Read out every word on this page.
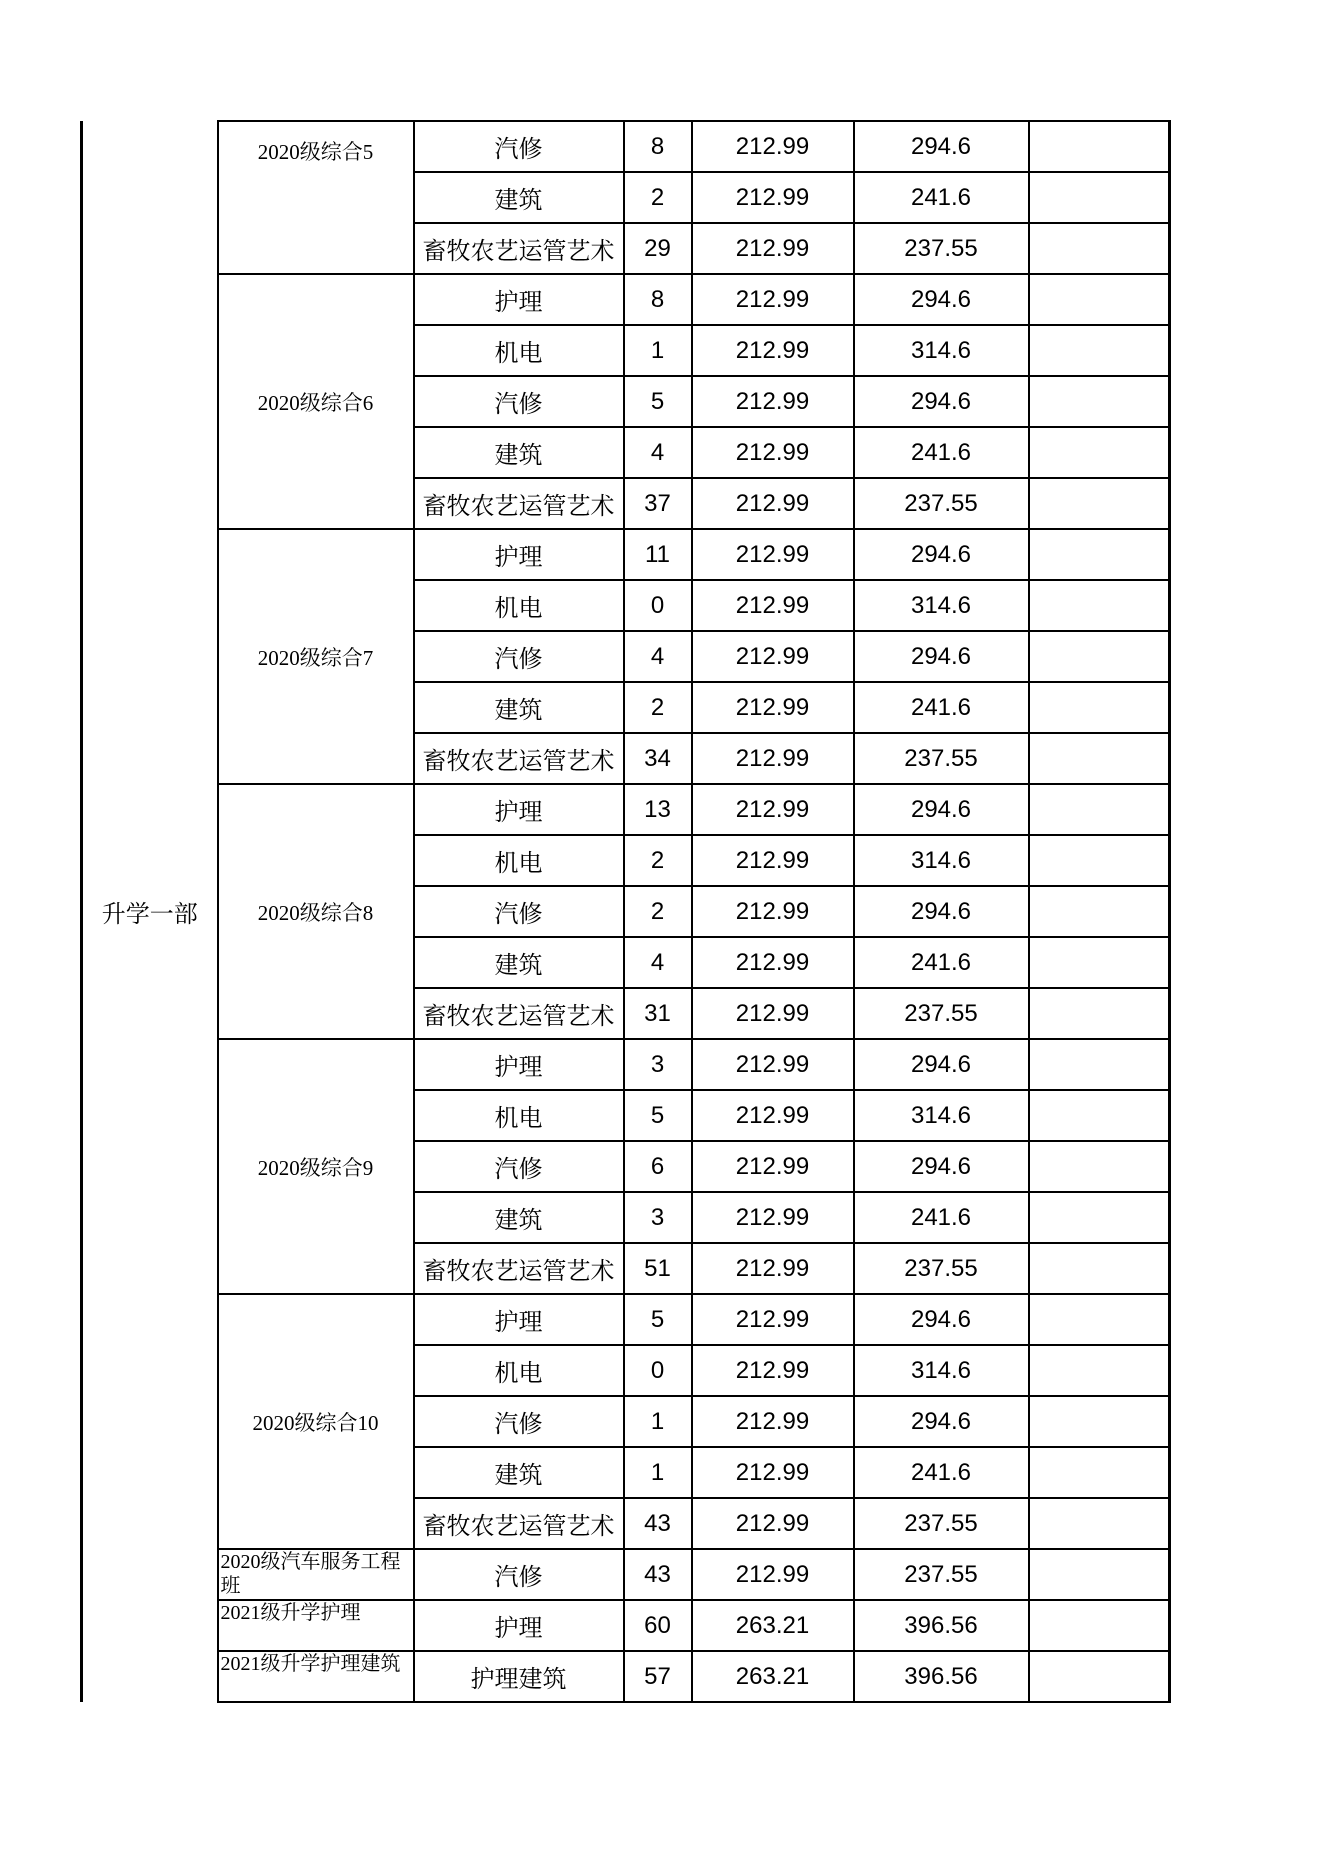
升学一部	2020级综合5	汽修	8	212.99	294.6	
		建筑	2	212.99	241.6	
		畜牧农艺运管艺术	29	212.99	237.55	
	2020级综合6	护理	8	212.99	294.6	
		机电	1	212.99	314.6	
		汽修	5	212.99	294.6	
		建筑	4	212.99	241.6	
		畜牧农艺运管艺术	37	212.99	237.55	
	2020级综合7	护理	11	212.99	294.6	
		机电	0	212.99	314.6	
		汽修	4	212.99	294.6	
		建筑	2	212.99	241.6	
		畜牧农艺运管艺术	34	212.99	237.55	
	2020级综合8	护理	13	212.99	294.6	
		机电	2	212.99	314.6	
		汽修	2	212.99	294.6	
		建筑	4	212.99	241.6	
		畜牧农艺运管艺术	31	212.99	237.55	
	2020级综合9	护理	3	212.99	294.6	
		机电	5	212.99	314.6	
		汽修	6	212.99	294.6	
		建筑	3	212.99	241.6	
		畜牧农艺运管艺术	51	212.99	237.55	
	2020级综合10	护理	5	212.99	294.6	
		机电	0	212.99	314.6	
		汽修	1	212.99	294.6	
		建筑	1	212.99	241.6	
		畜牧农艺运管艺术	43	212.99	237.55	
	2020级汽车服务工程班	汽修	43	212.99	237.55	
	2021级升学护理	护理	60	263.21	396.56	
	2021级升学护理建筑	护理建筑	57	263.21	396.56	
